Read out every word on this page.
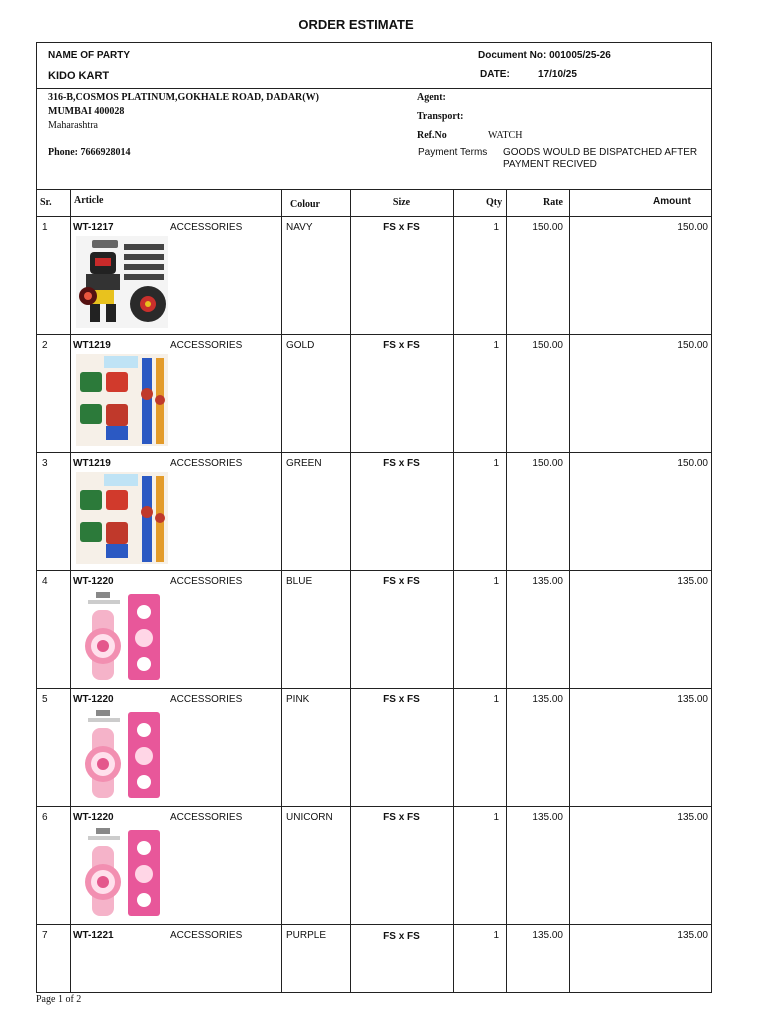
ORDER ESTIMATE
NAME OF PARTY
KIDO KART
Document No: 001005/25-26
DATE:	17/10/25
316-B,COSMOS PLATINUM,GOKHALE ROAD, DADAR(W)
MUMBAI 400028
Maharashtra
Phone: 7666928014
Agent:
Transport:
Ref.No	WATCH
Payment Terms GOODS WOULD BE DISPATCHED AFTER
PAYMENT RECIVED
Sr. Article	Colour	Size	Qty	Rate	Amount
1	WT-1217	ACCESSORIES	NAVY	FS x FS	1	150.00	150.00
2	WT1219	ACCESSORIES	GOLD	FS x FS	1	150.00	150.00
3	WT1219	ACCESSORIES	GREEN	FS x FS	1	150.00	150.00
4	WT-1220	ACCESSORIES	BLUE	FS x FS	1	135.00	135.00
5	WT-1220	ACCESSORIES	PINK	FS x FS	1	135.00	135.00
6	WT-1220	ACCESSORIES	UNICORN	FS x FS	1	135.00	135.00
7	WT-1221	ACCESSORIES	PURPLE	FS x FS	1	135.00	135.00
Page 1 of 2
